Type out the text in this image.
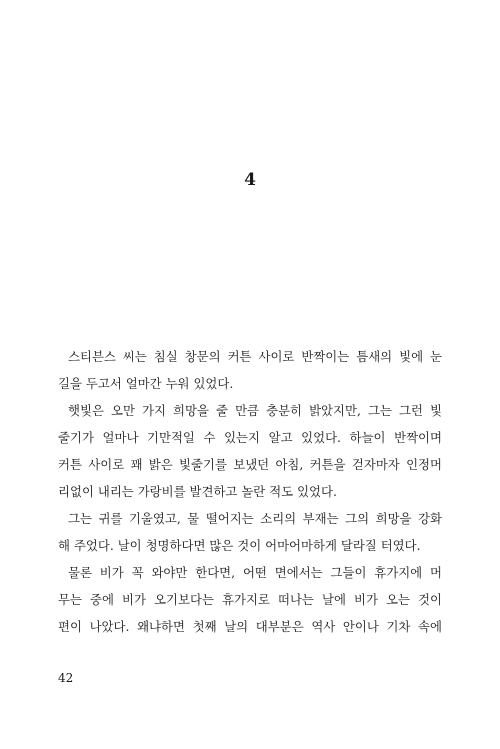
4
스티븐스 씨는 침실 창문의 커튼 사이로 반짝이는 틈새의 빛에 눈
길을 두고서 얼마간 누워 있었다.
햇빛은 오만 가지 희망을 줄 만큼 충분히 밝았지만, 그는 그런 빛
줄기가 얼마나 기만적일 수 있는지 알고 있었다. 하늘이 반짝이며
커튼 사이로 꽤 밝은 빛줄기를 보냈던 아침, 커튼을 걷자마자 인정머
리없이 내리는 가랑비를 발견하고 놀란 적도 있었다.
그는 귀를 기울였고, 물 떨어지는 소리의 부재는 그의 희망을 강화
해 주었다. 날이 청명하다면 많은 것이 어마어마하게 달라질 터였다.
물론 비가 꼭 와야만 한다면, 어떤 면에서는 그들이 휴가지에 머
무는 중에 비가 오기보다는 휴가지로 떠나는 날에 비가 오는 것이
편이 나았다. 왜냐하면 첫째 날의 대부분은 역사 안이나 기차 속에
42
